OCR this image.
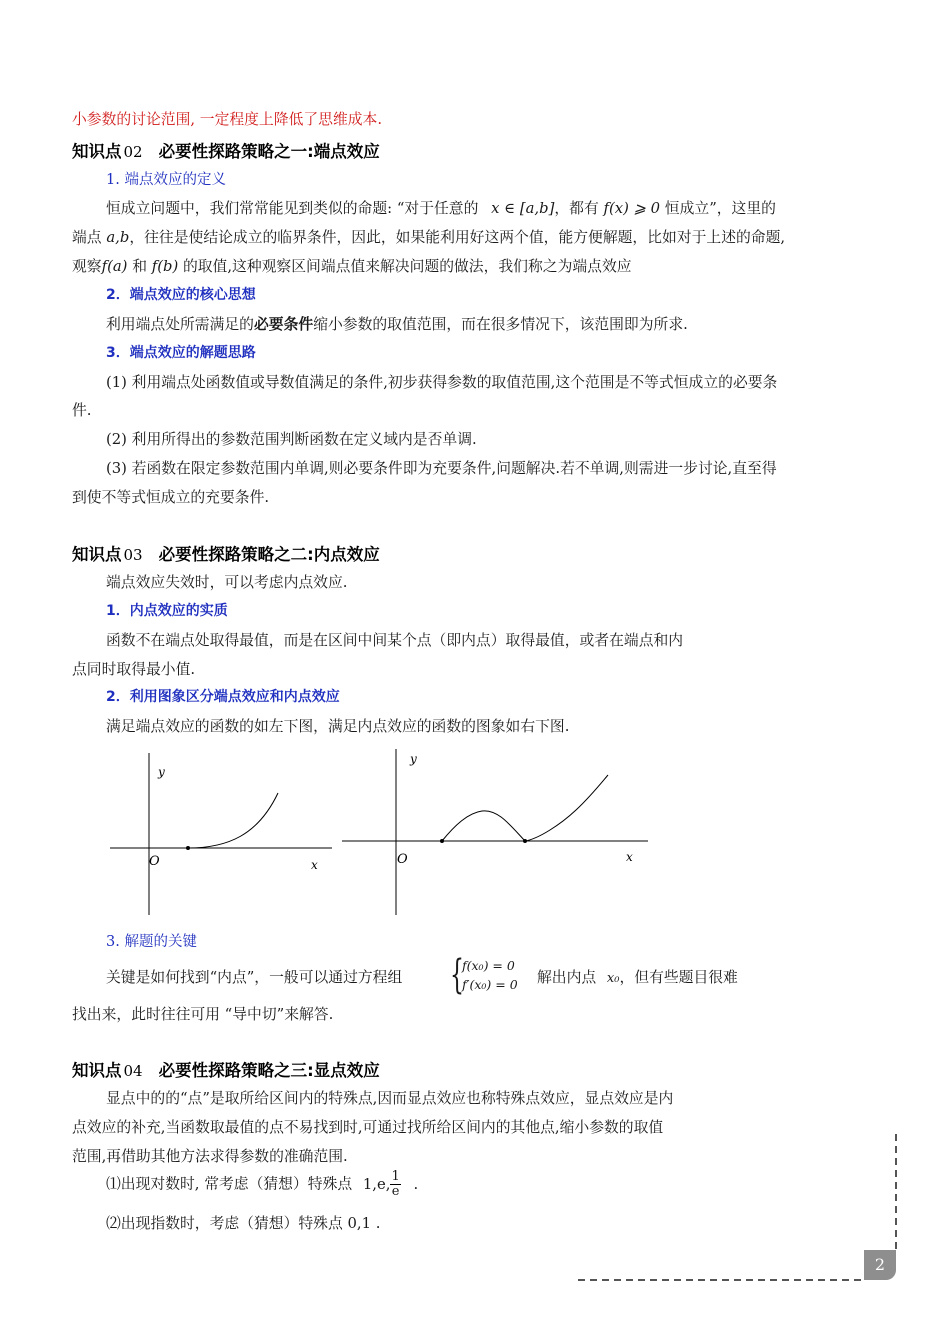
小参数的讨论范围, 一定程度上降低了思维成本.
知识点 02 必要性探路策略之一:端点效应
1. 端点效应的定义
恒成立问题中，我们常常能见到类似的命题: “对于任意的 x ∈ [a,b]，都有 f(x) ⩾ 0 恒成立”，这里的
端点 a,b，往往是使结论成立的临界条件，因此，如果能利用好这两个值，能方便解题，比如对于上述的命题,
观察f(a) 和 f(b) 的取值,这种观察区间端点值来解决问题的做法，我们称之为端点效应
2．端点效应的核心思想
利用端点处所需满足的必要条件缩小参数的取值范围，而在很多情况下，该范围即为所求.
3．端点效应的解题思路
(1) 利用端点处函数值或导数值满足的条件,初步获得参数的取值范围,这个范围是不等式恒成立的必要条
件.
(2) 利用所得出的参数范围判断函数在定义域内是否单调.
(3) 若函数在限定参数范围内单调,则必要条件即为充要条件,问题解决.若不单调,则需进一步讨论,直至得
到使不等式恒成立的充要条件.
知识点 03 必要性探路策略之二:内点效应
端点效应失效时，可以考虑内点效应.
1．内点效应的实质
函数不在端点处取得最值，而是在区间中间某个点（即内点）取得最值，或者在端点和内
点同时取得最小值.
2．利用图象区分端点效应和内点效应
满足端点效应的函数的如左下图，满足内点效应的函数的图象如右下图.
y
O	x
y
O	x
3. 解题的关键
关键是如何找到“内点”，一般可以通过方程组 {
f(x₀) = 0
f′(x₀) = 0 解出内点 x₀，但有些题目很难
找出来，此时往往可用 “导中切”来解答.
知识点 04 必要性探路策略之三:显点效应
显点中的的“点”是取所给区间内的特殊点,因而显点效应也称特殊点效应，显点效应是内
点效应的补充,当函数取最值的点不易找到时,可通过找所给区间内的其他点,缩小参数的取值
范围,再借助其他方法求得参数的准确范围.
⑴出现对数时, 常考虑（猜想）特殊点 1,e, $\frac{1}{e}$ .
⑵出现指数时，考虑（猜想）特殊点 0,1 .
2
